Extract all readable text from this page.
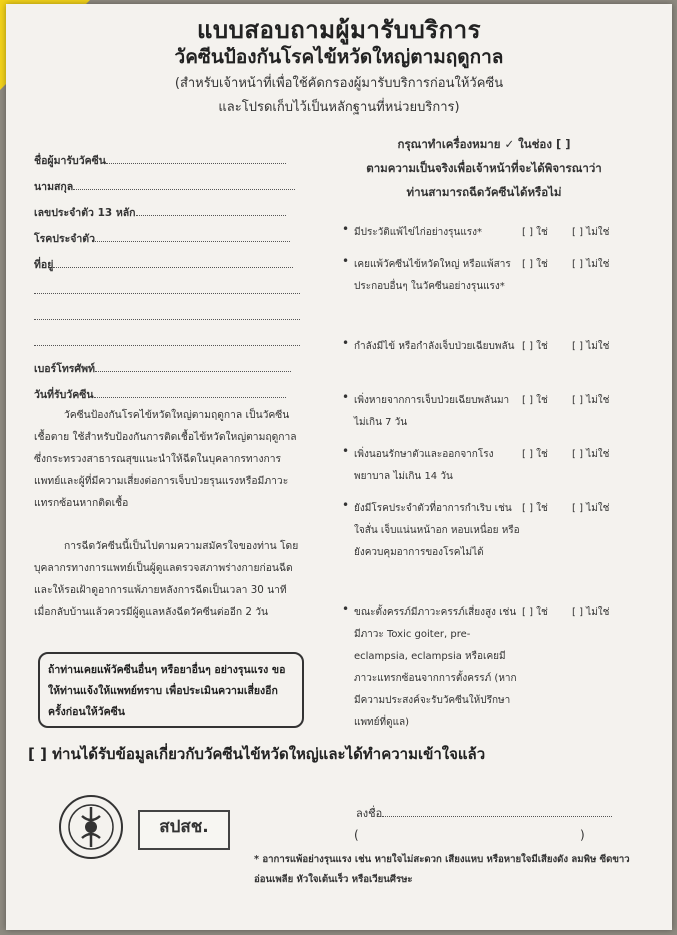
แบบสอบถามผู้มารับบริการ
วัคซีนป้องกันโรคไข้หวัดใหญ่ตามฤดูกาล
(สำหรับเจ้าหน้าที่เพื่อใช้คัดกรองผู้มารับบริการก่อนให้วัคซีน
และโปรดเก็บไว้เป็นหลักฐานที่หน่วยบริการ)
ชื่อผู้มารับวัคซีน
นามสกุล
เลขประจำตัว 13 หลัก
โรคประจำตัว
ที่อยู่
เบอร์โทรศัพท์
วันที่รับวัคซีน

วัคซีนป้องกันโรคไข้หวัดใหญ่ตามฤดูกาล เป็นวัคซีนเชื้อตาย ใช้สำหรับป้องกันการติดเชื้อไข้หวัดใหญ่ตามฤดูกาล ซึ่งกระทรวงสาธารณสุขแนะนำให้ฉีดในบุคลากรทางการแพทย์และผู้ที่มีความเสี่ยงต่อการเจ็บป่วยรุนแรงหรือมีภาวะแทรกซ้อนหากติดเชื้อ

การฉีดวัคซีนนี้เป็นไปตามความสมัครใจของท่าน โดยบุคลากรทางการแพทย์เป็นผู้ดูแลตรวจสภาพร่างกายก่อนฉีด และให้รอเฝ้าดูอาการแพ้ภายหลังการฉีดเป็นเวลา 30 นาที เมื่อกลับบ้านแล้วควรมีผู้ดูแลหลังฉีดวัคซีนต่ออีก 2 วัน

ถ้าท่านเคยแพ้วัคซีนอื่นๆ หรือยาอื่นๆ อย่างรุนแรง ขอให้ท่านแจ้งให้แพทย์ทราบ เพื่อประเมินความเสี่ยงอีกครั้งก่อนให้วัคซีน
กรุณาทำเครื่องหมาย ✓ ในช่อง [ ]
ตามความเป็นจริงเพื่อเจ้าหน้าที่จะได้พิจารณาว่า
ท่านสามารถฉีดวัคซีนได้หรือไม่
• มีประวัติแพ้ไข่ไก่อย่างรุนแรง*	[ ] ใช่	[ ] ไม่ใช่
• เคยแพ้วัคซีนไข้หวัดใหญ่ หรือแพ้สารประกอบอื่นๆ ในวัคซีนอย่างรุนแรง*
[ ] ใช่	[ ] ไม่ใช่
• กำลังมีไข้ หรือกำลังเจ็บป่วยเฉียบพลัน [ ] ใช่	[ ] ไม่ใช่
• เพิ่งหายจากการเจ็บป่วยเฉียบพลันมาไม่เกิน 7 วัน
[ ] ใช่	[ ] ไม่ใช่
• เพิ่งนอนรักษาตัวและออกจากโรงพยาบาล ไม่เกิน 14 วัน
[ ] ใช่	[ ] ไม่ใช่
• ยังมีโรคประจำตัวที่อาการกำเริบ เช่น ใจสั่น เจ็บแน่นหน้าอก หอบเหนื่อย หรือยังควบคุมอาการของโรคไม่ได้
[ ] ใช่	[ ] ไม่ใช่
• ขณะตั้งครรภ์มีภาวะครรภ์เสี่ยงสูง เช่น มีภาวะ Toxic goiter, pre-eclampsia, eclampsia หรือเคยมีภาวะแทรกซ้อนจากการตั้งครรภ์ (หากมีความประสงค์จะรับวัคซีนให้ปรึกษาแพทย์ที่ดูแล)
[ ] ใช่	[ ] ไม่ใช่
[ ] ท่านได้รับข้อมูลเกี่ยวกับวัคซีนไข้หวัดใหญ่และได้ทำความเข้าใจแล้ว
สปสช.
ลงชื่อ
(	)
* อาการแพ้อย่างรุนแรง เช่น หายใจไม่สะดวก เสียงแหบ หรือหายใจมีเสียงดัง ลมพิษ ซีดขาว อ่อนเพลีย หัวใจเต้นเร็ว หรือเวียนศีรษะ
